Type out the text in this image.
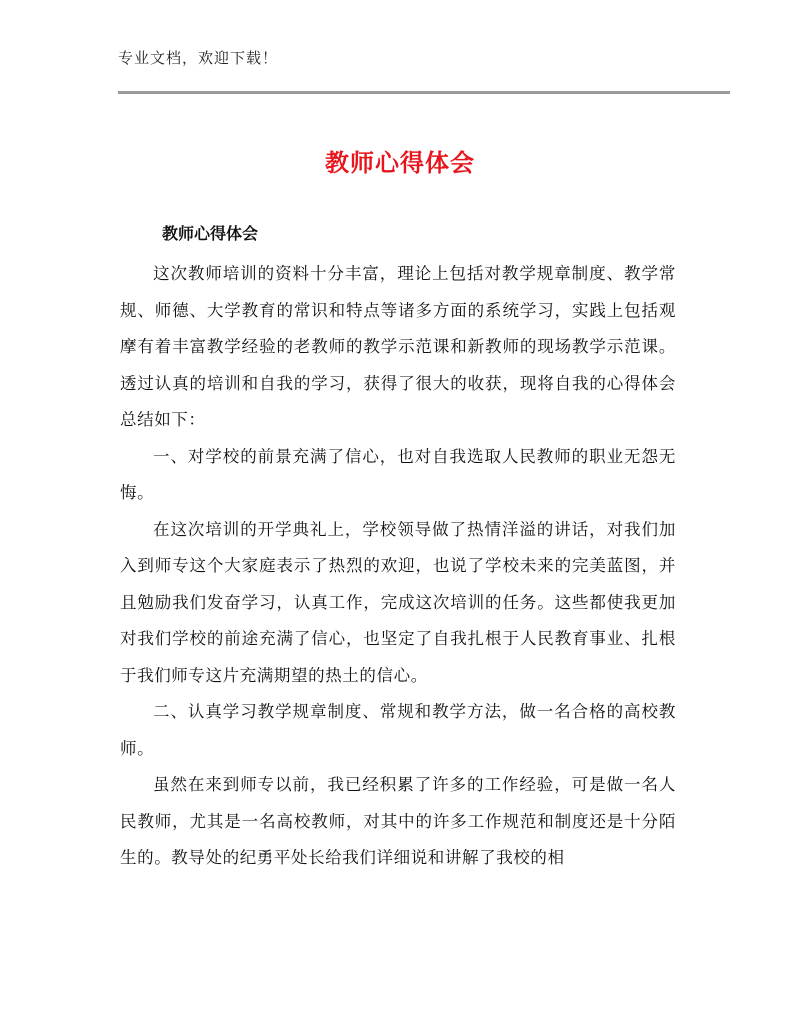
专业文档，欢迎下载！
教师心得体会
教师心得体会

这次教师培训的资料十分丰富，理论上包括对教学规章制度、教学常规、师德、大学教育的常识和特点等诸多方面的系统学习，实践上包括观摩有着丰富教学经验的老教师的教学示范课和新教师的现场教学示范课。透过认真的培训和自我的学习，获得了很大的收获，现将自我的心得体会总结如下：

一、对学校的前景充满了信心，也对自我选取人民教师的职业无怨无悔。

在这次培训的开学典礼上，学校领导做了热情洋溢的讲话，对我们加入到师专这个大家庭表示了热烈的欢迎，也说了学校未来的完美蓝图，并且勉励我们发奋学习，认真工作，完成这次培训的任务。这些都使我更加对我们学校的前途充满了信心，也坚定了自我扎根于人民教育事业、扎根于我们师专这片充满期望的热土的信心。

二、认真学习教学规章制度、常规和教学方法，做一名合格的高校教师。

虽然在来到师专以前，我已经积累了许多的工作经验，可是做一名人民教师，尤其是一名高校教师，对其中的许多工作规范和制度还是十分陌生的。教导处的纪勇平处长给我们详细说和讲解了我校的相
